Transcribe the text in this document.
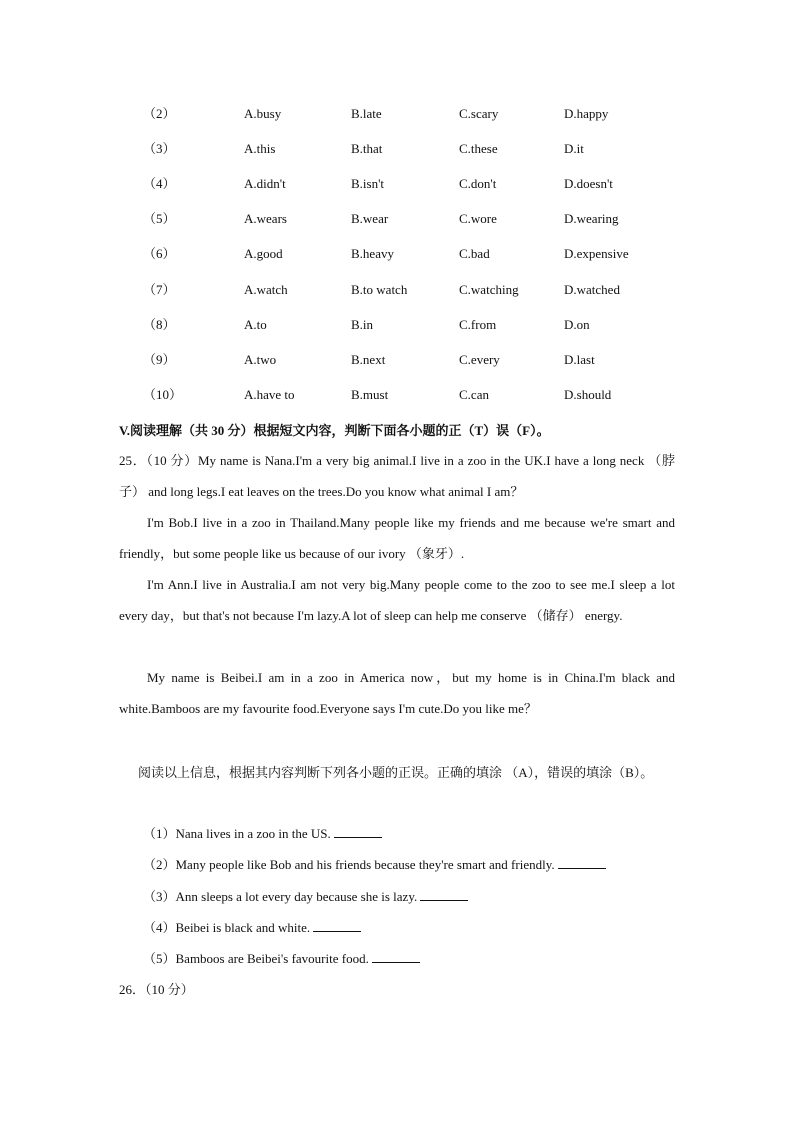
（2）	A.busy	B.late	C.scary	D.happy
（3）	A.this	B.that	C.these	D.it
（4）	A.didn't	B.isn't	C.don't	D.doesn't
（5）	A.wears	B.wear	C.wore	D.wearing
（6）	A.good	B.heavy	C.bad	D.expensive
（7）	A.watch	B.to watch	C.watching	D.watched
（8）	A.to	B.in	C.from	D.on
（9）	A.two	B.next	C.every	D.last
（10）	A.have to	B.must	C.can	D.should
V.阅读理解（共 30 分）根据短文内容，判断下面各小题的正（T）误（F）。
25．（10 分）My name is Nana.I'm a very big animal.I live in a zoo in the UK.I have a long neck （脖子） and long legs.I eat leaves on the trees.Do you know what animal I am？
I'm Bob.I live in a zoo in Thailand.Many people like my friends and me because we're smart and friendly，but some people like us because of our ivory （象牙）.
I'm Ann.I live in Australia.I am not very big.Many people come to the zoo to see me.I sleep a lot every day，but that's not because I'm lazy.A lot of sleep can help me conserve （储存） energy.
My name is Beibei.I am in a zoo in America now，but my home is in China.I'm black and white.Bamboos are my favourite food.Everyone says I'm cute.Do you like me？
阅读以上信息，根据其内容判断下列各小题的正误。正确的填涂 （A），错误的填涂（B）。
（1）Nana lives in a zoo in the US.
（2）Many people like Bob and his friends because they're smart and friendly.
（3）Ann sleeps a lot every day because she is lazy.
（4）Beibei is black and white.
（5）Bamboos are Beibei's favourite food.
26．（10 分）
